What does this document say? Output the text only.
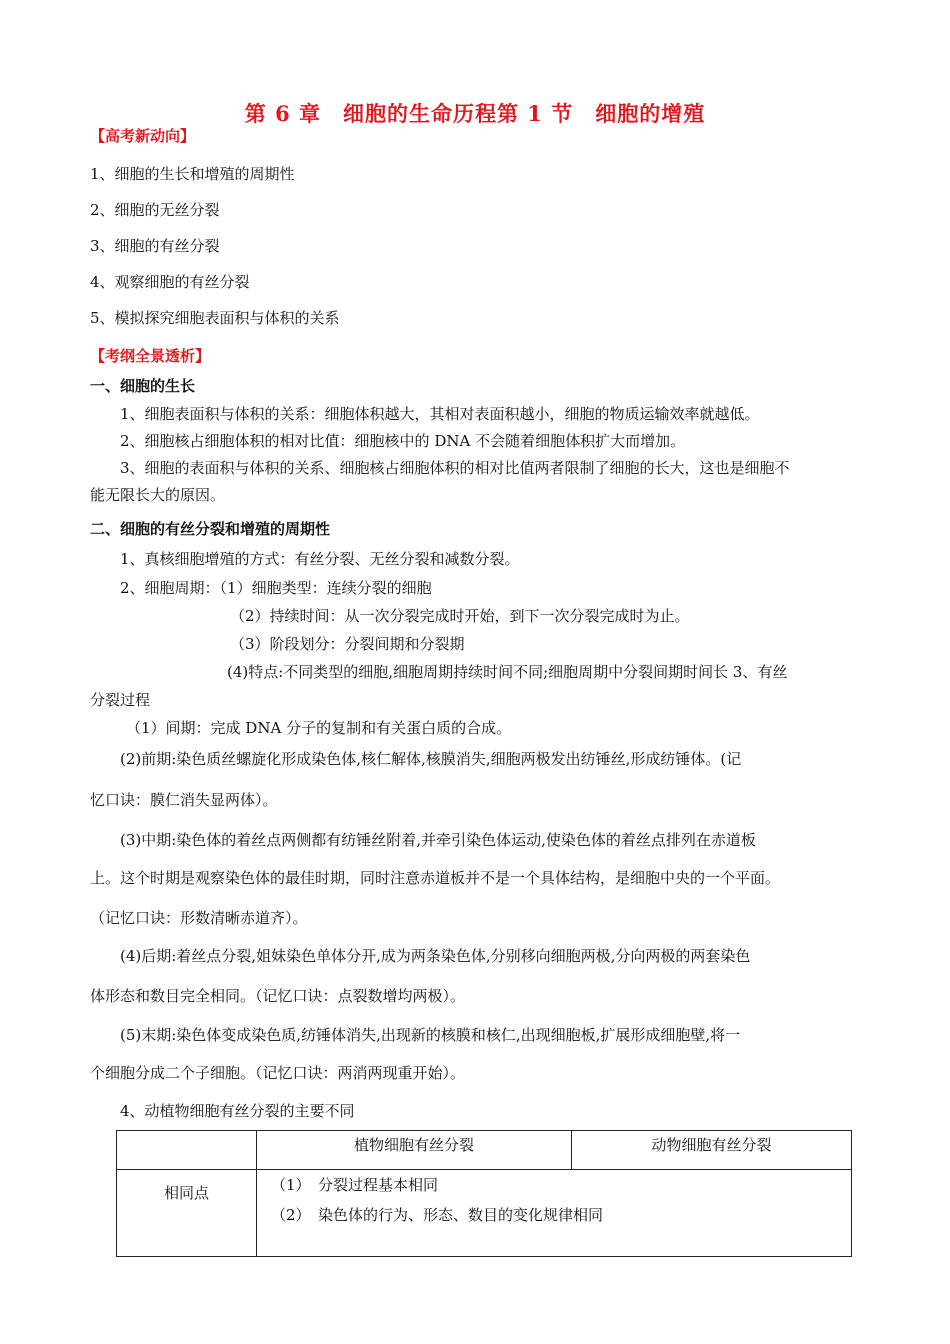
第 6 章　细胞的生命历程第 1 节　细胞的增殖
【高考新动向】
1、细胞的生长和增殖的周期性
2、细胞的无丝分裂
3、细胞的有丝分裂
4、观察细胞的有丝分裂
5、模拟探究细胞表面积与体积的关系
【考纲全景透析】
一、细胞的生长
1、细胞表面积与体积的关系：细胞体积越大，其相对表面积越小，细胞的物质运输效率就越低。
2、细胞核占细胞体积的相对比值：细胞核中的 DNA 不会随着细胞体积扩大而增加。
3、细胞的表面积与体积的关系、细胞核占细胞体积的相对比值两者限制了细胞的长大，这也是细胞不
能无限长大的原因。
二、细胞的有丝分裂和增殖的周期性
1、真核细胞增殖的方式：有丝分裂、无丝分裂和减数分裂。
2、细胞周期：（1）细胞类型：连续分裂的细胞
（2）持续时间：从一次分裂完成时开始，到下一次分裂完成时为止。
（3）阶段划分：分裂间期和分裂期
(4)特点:不同类型的细胞,细胞周期持续时间不同;细胞周期中分裂间期时间长 3、有丝
分裂过程
（1）间期：完成 DNA 分子的复制和有关蛋白质的合成。
(2)前期:染色质丝螺旋化形成染色体,核仁解体,核膜消失,细胞两极发出纺锤丝,形成纺锤体。(记
忆口诀：膜仁消失显两体）。
(3)中期:染色体的着丝点两侧都有纺锤丝附着,并牵引染色体运动,使染色体的着丝点排列在赤道板
上。这个时期是观察染色体的最佳时期，同时注意赤道板并不是一个具体结构，是细胞中央的一个平面。
（记忆口诀：形数清晰赤道齐）。
(4)后期:着丝点分裂,姐妹染色单体分开,成为两条染色体,分别移向细胞两极,分向两极的两套染色
体形态和数目完全相同。（记忆口诀：点裂数增均两极）。
(5)末期:染色体变成染色质,纺锤体消失,出现新的核膜和核仁,出现细胞板,扩展形成细胞壁,将一
个细胞分成二个子细胞。（记忆口诀：两消两现重开始）。
4、动植物细胞有丝分裂的主要不同
	植物细胞有丝分裂	动物细胞有丝分裂
相同点	（1）　分裂过程基本相同
（2）　染色体的行为、形态、数目的变化规律相同	
